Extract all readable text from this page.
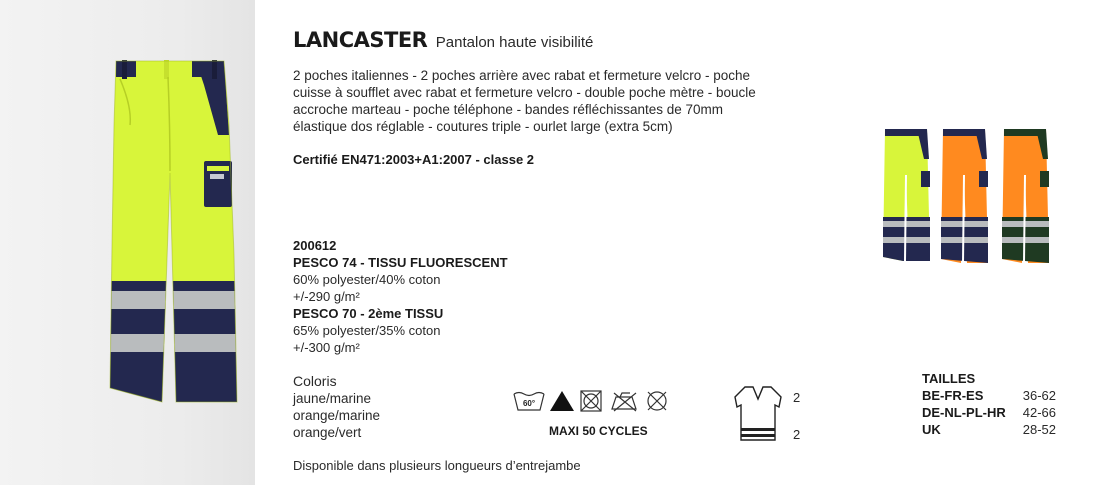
LANCASTER Pantalon haute visibilité
2 poches italiennes - 2 poches arrière avec rabat et fermeture velcro - poche
cuisse à soufflet avec rabat et fermeture velcro - double poche mètre - boucle
accroche marteau - poche téléphone - bandes réfléchissantes de 70mm
élastique dos réglable - coutures triple - ourlet large (extra 5cm)
Certifié EN471:2003+A1:2007 - classe 2
200612
PESCO 74 - TISSU FLUORESCENT
60% polyester/40% coton
+/-290 g/m²
PESCO 70 - 2ème TISSU
65% polyester/35% coton
+/-300 g/m²
Coloris
jaune/marine
orange/marine
orange/vert
60°
MAXI 50 CYCLES
2
2
TAILLES
BE-FR-ES	36-62
DE-NL-PL-HR 42-66
UK	28-52
Disponible dans plusieurs longueurs d’entrejambe
